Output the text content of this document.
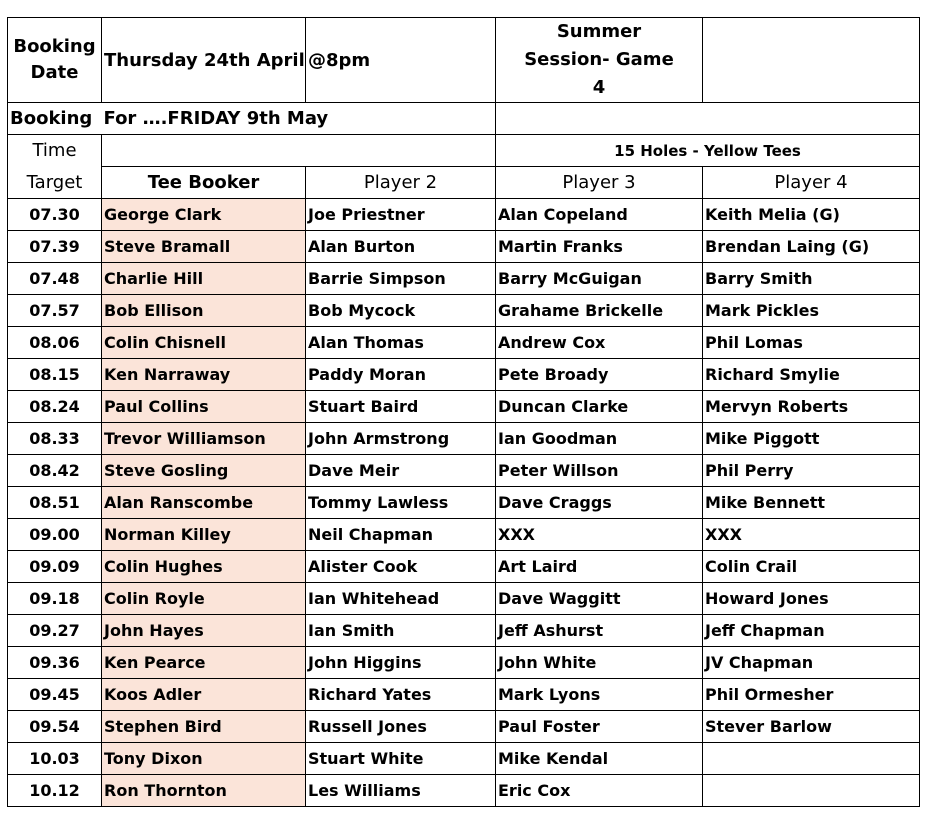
Booking Date	Thursday 24th April	@8pm	Summer Session- Game 4	
Booking	For ….FRIDAY 9th May			
Time			15 Holes - Yellow Tees	
Target	Tee Booker	Player 2	Player 3	Player 4
07.30	George Clark	Joe Priestner	Alan Copeland	Keith Melia (G)
07.39	Steve Bramall	Alan Burton	Martin Franks	Brendan Laing (G)
07.48	Charlie Hill	Barrie Simpson	Barry McGuigan	Barry Smith
07.57	Bob Ellison	Bob Mycock	Grahame Brickelle	Mark Pickles
08.06	Colin Chisnell	Alan Thomas	Andrew Cox	Phil Lomas
08.15	Ken Narraway	Paddy Moran	Pete Broady	Richard Smylie
08.24	Paul Collins	Stuart Baird	Duncan Clarke	Mervyn Roberts
08.33	Trevor Williamson	John Armstrong	Ian Goodman	Mike Piggott
08.42	Steve Gosling	Dave Meir	Peter Willson	Phil Perry
08.51	Alan Ranscombe	Tommy Lawless	Dave Craggs	Mike Bennett
09.00	Norman Killey	Neil Chapman	XXX	XXX
09.09	Colin Hughes	Alister Cook	Art Laird	Colin Crail
09.18	Colin Royle	Ian Whitehead	Dave Waggitt	Howard Jones
09.27	John Hayes	Ian Smith	Jeff Ashurst	Jeff Chapman
09.36	Ken Pearce	John Higgins	John White	JV Chapman
09.45	Koos Adler	Richard Yates	Mark Lyons	Phil Ormesher
09.54	Stephen Bird	Russell Jones	Paul Foster	Stever Barlow
10.03	Tony Dixon	Stuart White	Mike Kendal	
10.12	Ron Thornton	Les Williams	Eric Cox	
